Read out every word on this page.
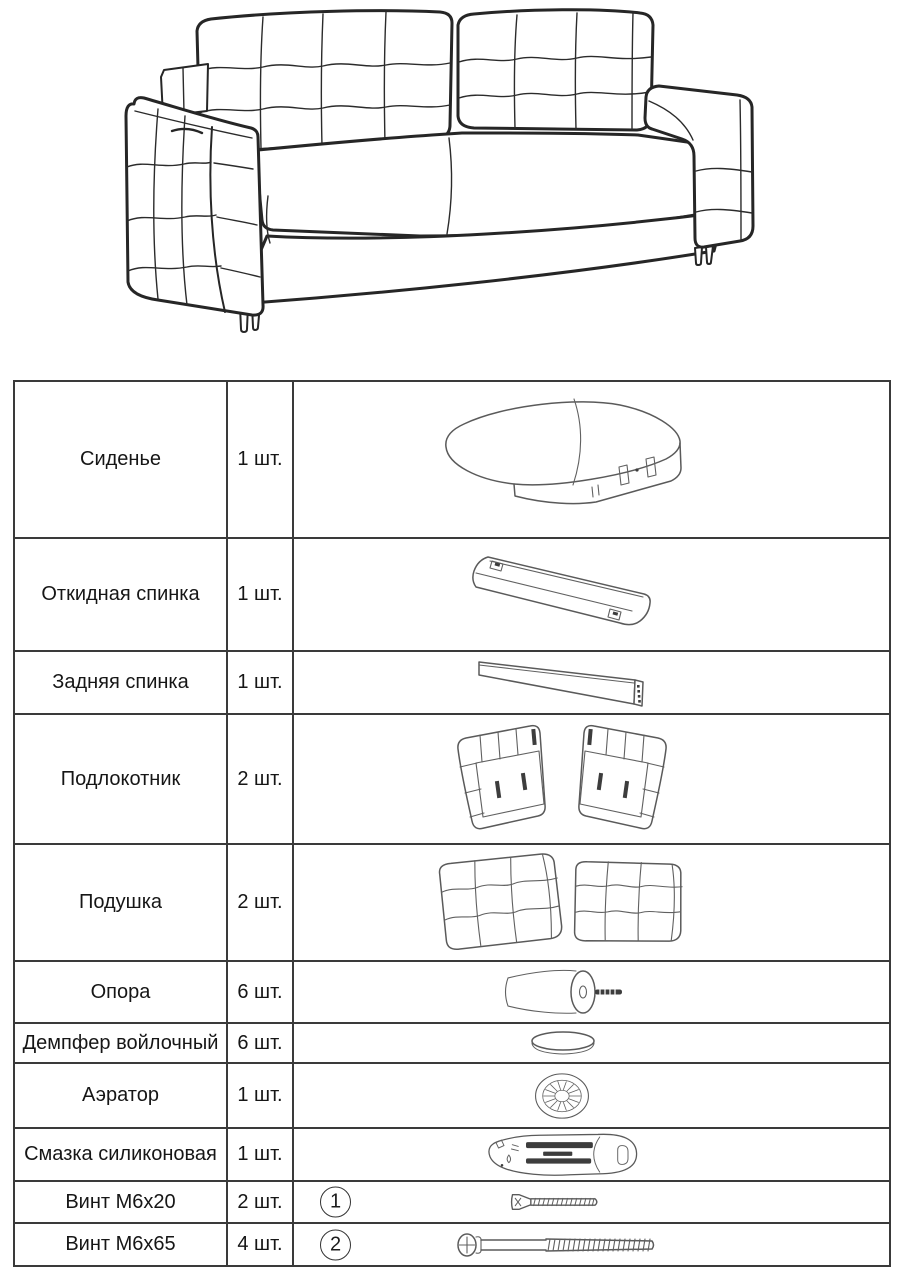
Сиденье	1 шт.
Откидная спинка	1 шт.
Задняя спинка	1 шт.
Подлокотник	2 шт.
Подушка	2 шт.
Опора	6 шт.
Демпфер войлочный 6 шт.
Аэратор	1 шт.
Смазка силиконовая	1 шт.
Винт М6х20	2 шт.	1
Винт М6х65	4 шт.	2
